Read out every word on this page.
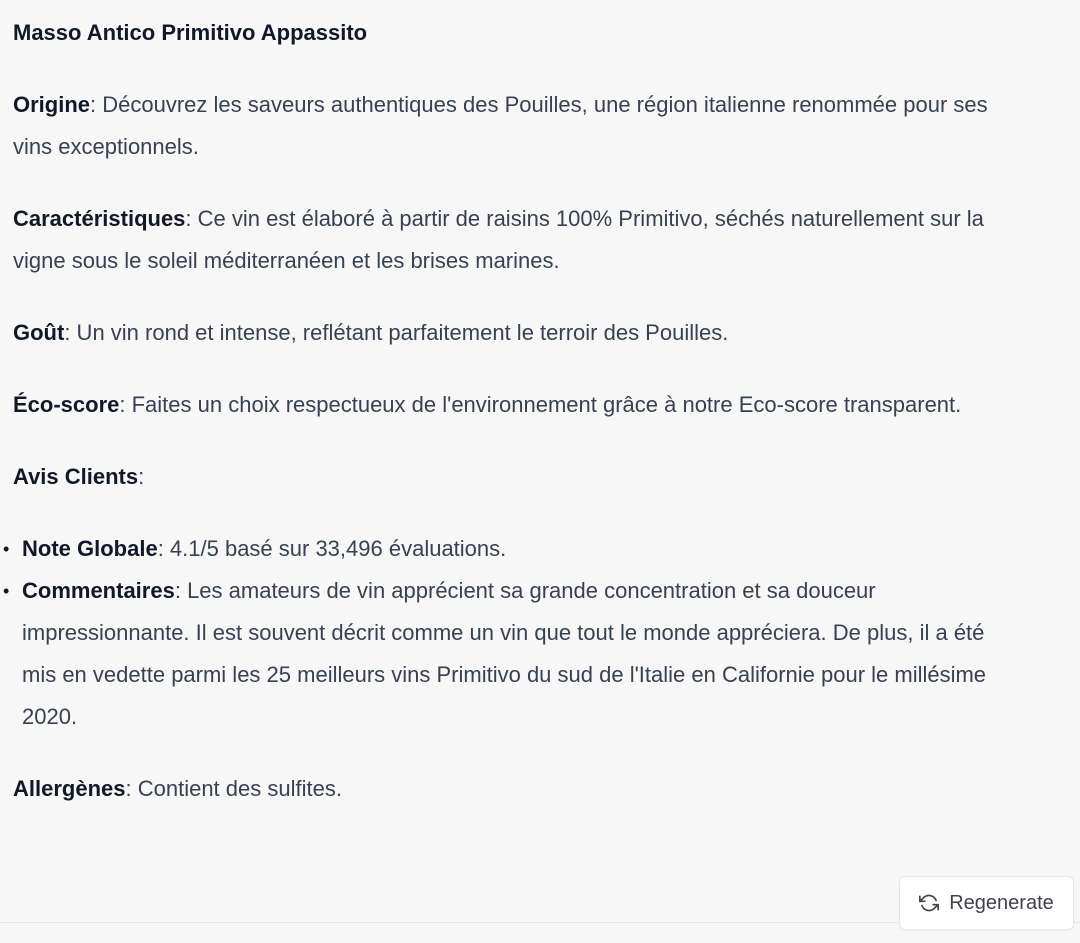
Masso Antico Primitivo Appassito

Origine: Découvrez les saveurs authentiques des Pouilles, une région italienne renommée pour ses vins exceptionnels.

Caractéristiques: Ce vin est élaboré à partir de raisins 100% Primitivo, séchés naturellement sur la vigne sous le soleil méditerranéen et les brises marines.

Goût: Un vin rond et intense, reflétant parfaitement le terroir des Pouilles.

Éco-score: Faites un choix respectueux de l'environnement grâce à notre Eco-score transparent.

Avis Clients:

• Note Globale: 4.1/5 basé sur 33,496 évaluations.
• Commentaires: Les amateurs de vin apprécient sa grande concentration et sa douceur impressionnante. Il est souvent décrit comme un vin que tout le monde appréciera. De plus, il a été mis en vedette parmi les 25 meilleurs vins Primitivo du sud de l'Italie en Californie pour le millésime 2020.

Allergènes: Contient des sulfites.

Regenerate
